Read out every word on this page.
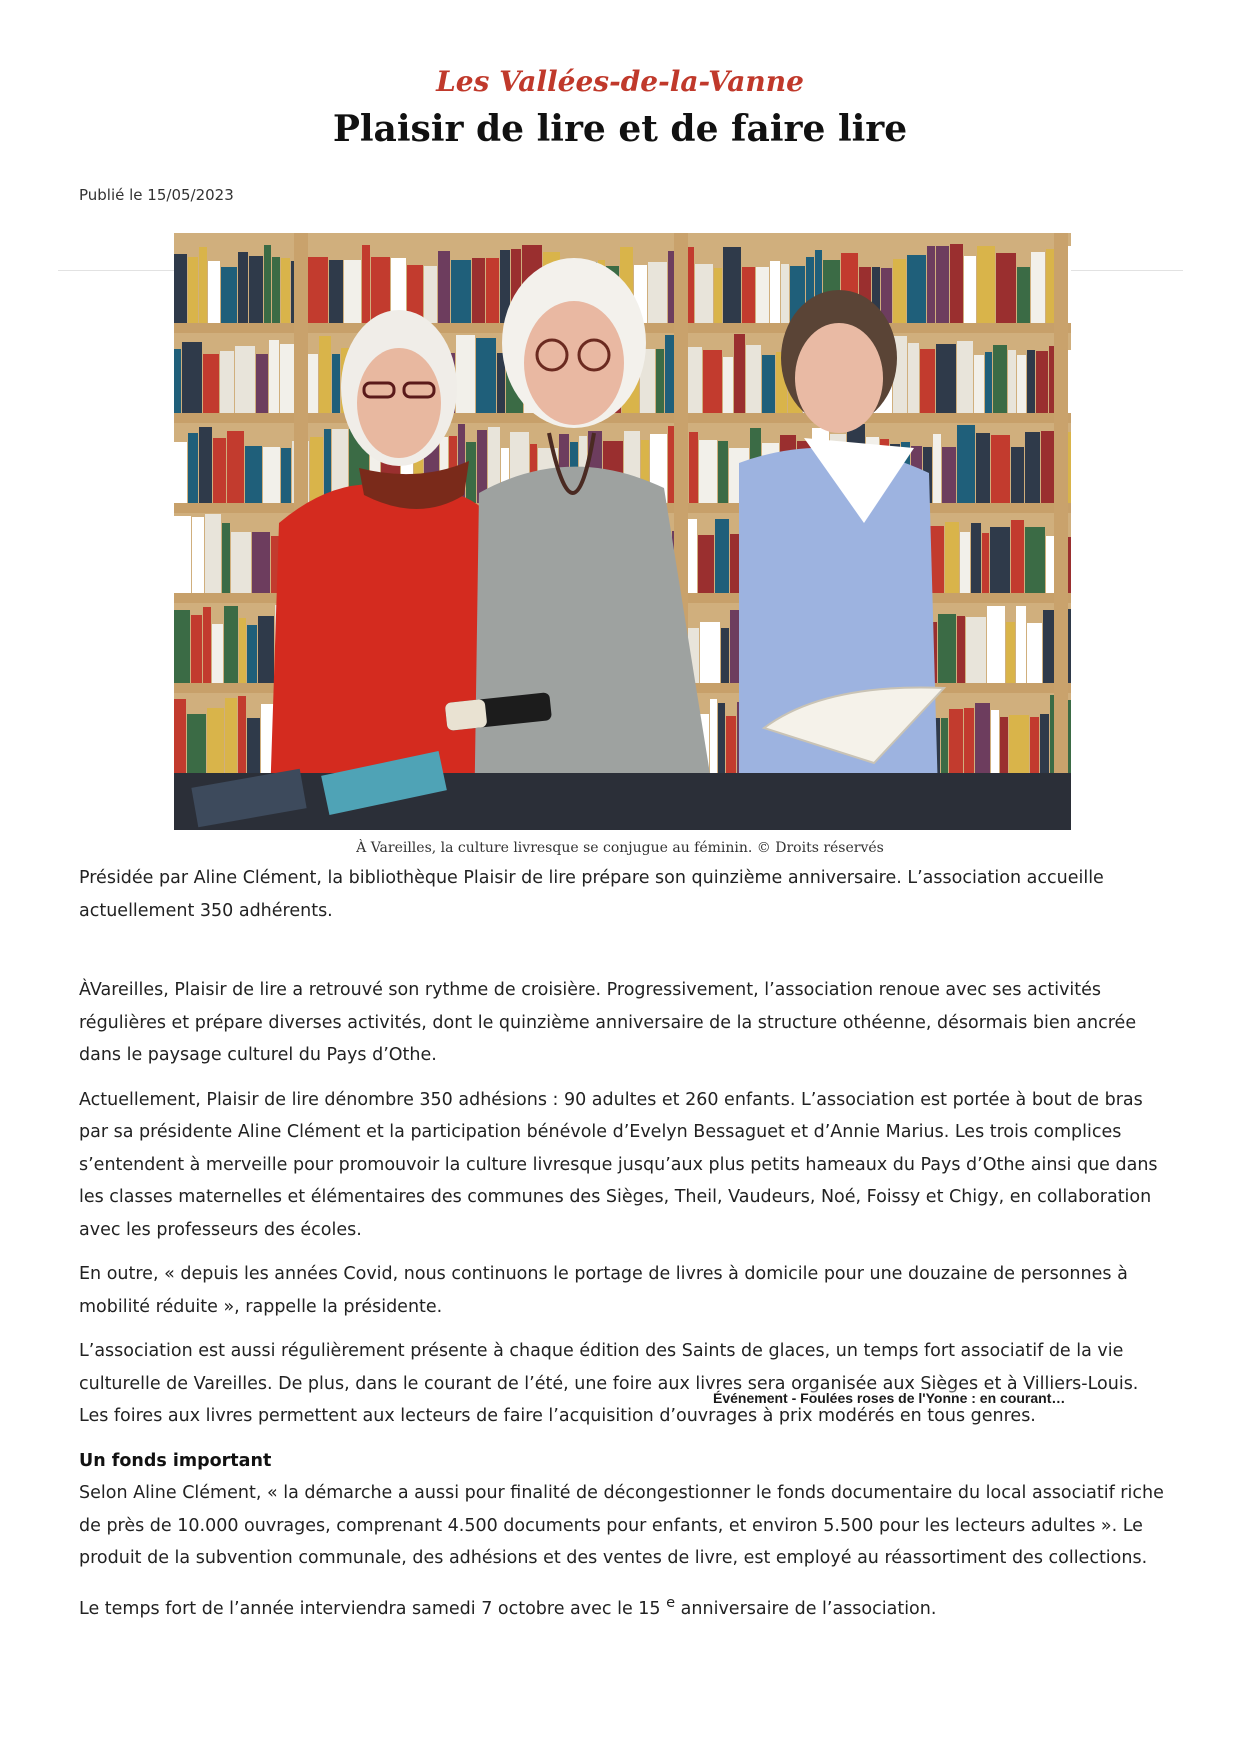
Les Vallées-de-la-Vanne
Plaisir de lire et de faire lire
Publié le 15/05/2023
À Vareilles, la culture livresque se conjugue au féminin. © Droits réservés

Présidée par Aline Clément, la bibliothèque Plaisir de lire prépare son quinzième anniversaire. L’association accueille actuellement 350 adhérents.

ÀVareilles, Plaisir de lire a retrouvé son rythme de croisière. Progressivement, l’association renoue avec ses activités régulières et prépare diverses activités, dont le quinzième anniversaire de la structure othéenne, désormais bien ancrée dans le paysage culturel du Pays d’Othe.

Actuellement, Plaisir de lire dénombre 350 adhésions : 90 adultes et 260 enfants. L’association est portée à bout de bras par sa présidente Aline Clément et la participation bénévole d’Evelyn Bessaguet et d’Annie Marius. Les trois complices s’entendent à merveille pour promouvoir la culture livresque jusqu’aux plus petits hameaux du Pays d’Othe ainsi que dans les classes maternelles et élémentaires des communes des Sièges, Theil, Vaudeurs, Noé, Foissy et Chigy, en collaboration avec les professeurs des écoles.

En outre, « depuis les années Covid, nous continuons le portage de livres à domicile pour une douzaine de personnes à mobilité réduite », rappelle la présidente.

L’association est aussi régulièrement présente à chaque édition des Saints de glaces, un temps fort associatif de la vie culturelle de Vareilles. De plus, dans le courant de l’été, une foire aux livres sera organisée aux Sièges et à Villiers-Louis. Les foires aux livres permettent aux lecteurs de faire l’acquisition d’ouvrages à prix modérés en tous genres.

Un fonds important

Selon Aline Clément, « la démarche a aussi pour finalité de décongestionner le fonds documentaire du local associatif riche de près de 10.000 ouvrages, comprenant 4.500 documents pour enfants, et environ 5.500 pour les lecteurs adultes ». Le produit de la subvention communale, des adhésions et des ventes de livre, est employé au réassortiment des collections.

Le temps fort de l’année interviendra samedi 7 octobre avec le 15 $^e$ anniversaire de l’association.

Événement - Foulées roses de l'Yonne : en courant…
